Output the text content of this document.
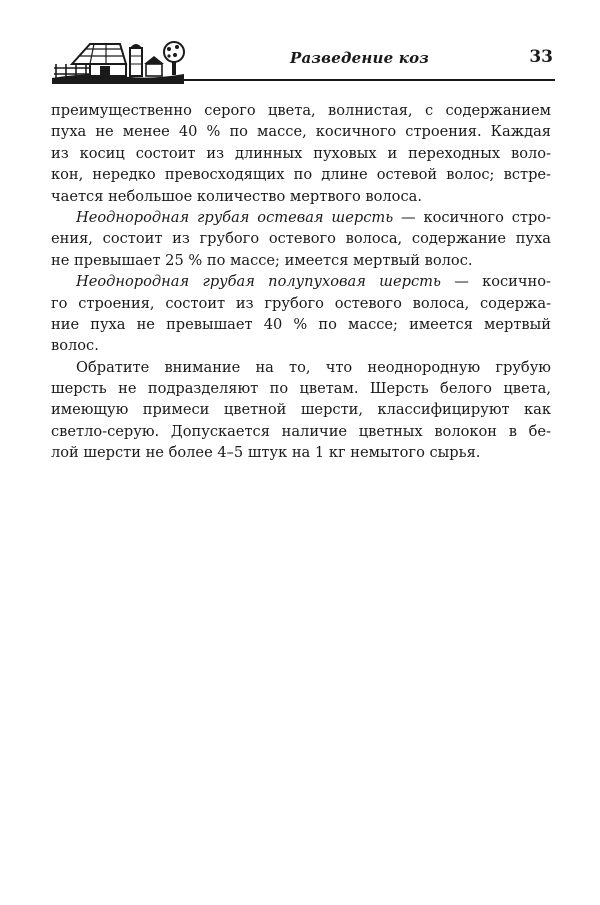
Разведение коз	33
преимущественно серого цвета, волнистая, с содержанием
пуха не менее 40 % по массе, косичного строения. Каждая
из косиц состоит из длинных пуховых и переходных воло-
кон, нередко превосходящих по длине остевой волос; встре-
чается небольшое количество мертвого волоса.
Неоднородная грубая остевая шерсть — косичного стро-
ения, состоит из грубого остевого волоса, содержание пуха
не превышает 25 % по массе; имеется мертвый волос.
Неоднородная грубая полупуховая шерсть — косично-
го строения, состоит из грубого остевого волоса, содержа-
ние пуха не превышает 40 % по массе; имеется мертвый
волос.
Обратите внимание на то, что неоднородную грубую
шерсть не подразделяют по цветам. Шерсть белого цвета,
имеющую примеси цветной шерсти, классифицируют как
светло-серую. Допускается наличие цветных волокон в бе-
лой шерсти не более 4–5 штук на 1 кг немытого сырья.
